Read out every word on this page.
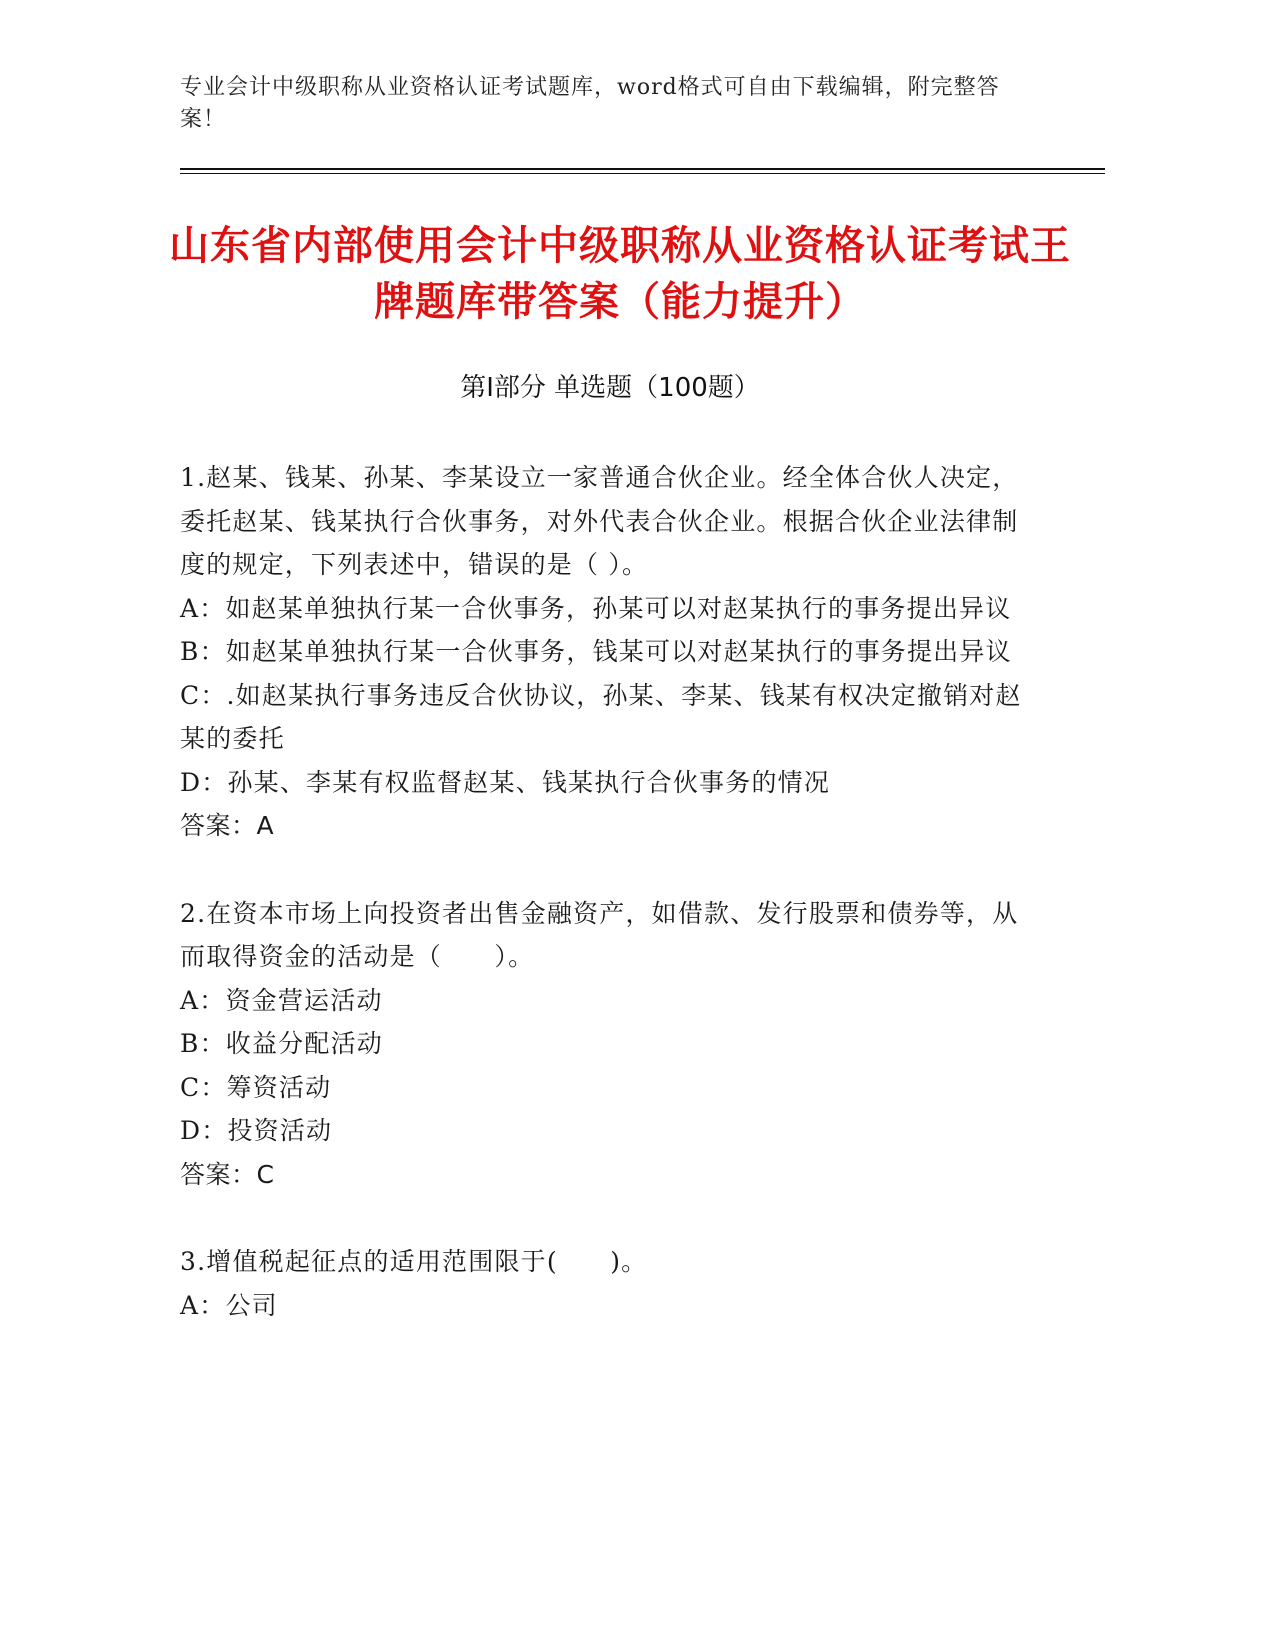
专业会计中级职称从业资格认证考试题库，word格式可自由下载编辑，附完整答案！
山东省内部使用会计中级职称从业资格认证考试王牌题库带答案（能力提升）
第I部分 单选题（100题）

1.赵某、钱某、孙某、李某设立一家普通合伙企业。经全体合伙人决定， 委托赵某、钱某执行合伙事务，对外代表合伙企业。根据合伙企业法律制度的规定，下列表述中，错误的是（ ）。

A：如赵某单独执行某一合伙事务，孙某可以对赵某执行的事务提出异议

B：如赵某单独执行某一合伙事务，钱某可以对赵某执行的事务提出异议

C：.如赵某执行事务违反合伙协议，孙某、李某、钱某有权决定撤销对赵某的委托

D：孙某、李某有权监督赵某、钱某执行合伙事务的情况

答案：A

2.在资本市场上向投资者出售金融资产，如借款、发行股票和债券等，从而取得资金的活动是（　　）。

A：资金营运活动

B：收益分配活动

C：筹资活动

D：投资活动

答案：C

3.增值税起征点的适用范围限于(　　)。

A：公司
